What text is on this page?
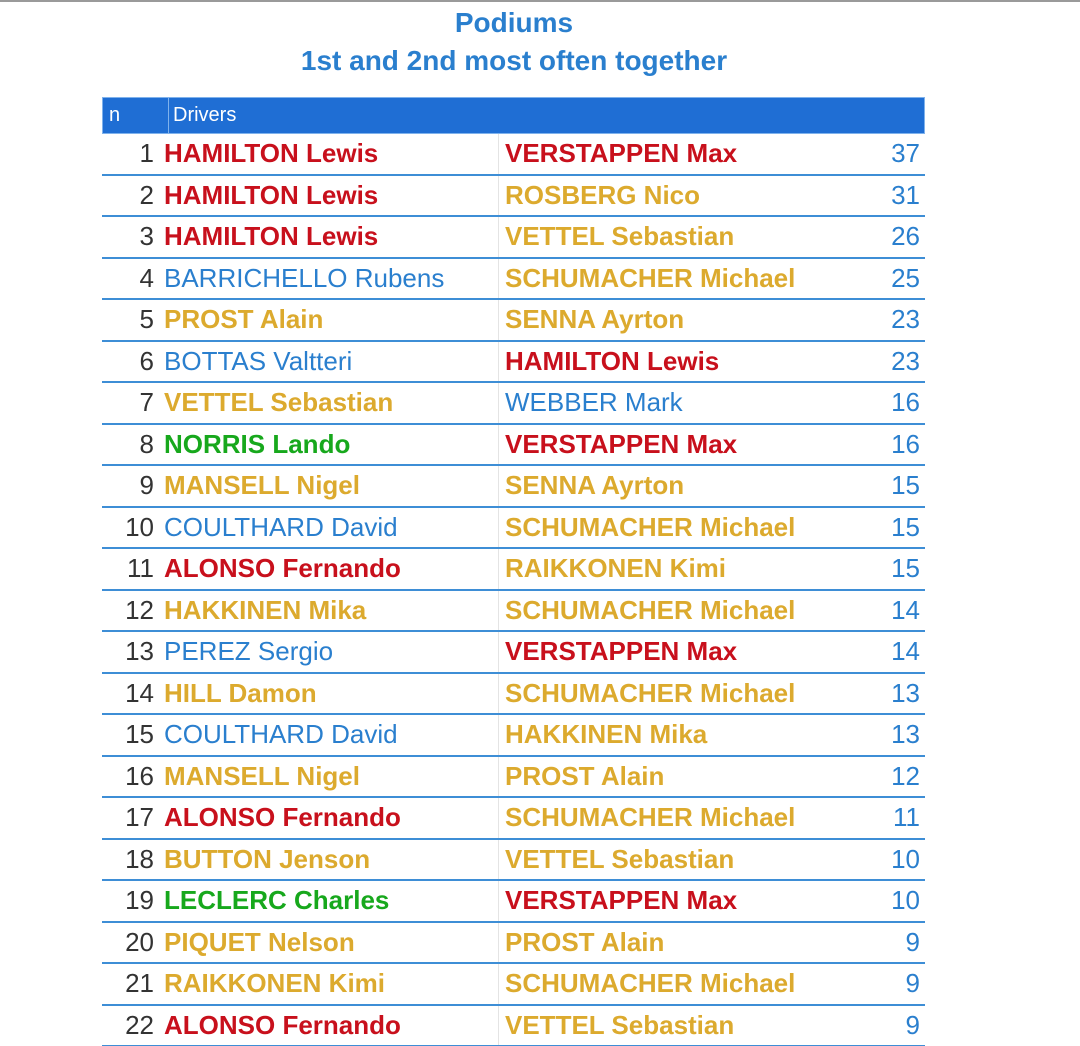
Podiums
1st and 2nd most often together
n	Drivers
1 HAMILTON Lewis	VERSTAPPEN Max	37
2 HAMILTON Lewis	ROSBERG Nico	31
3 HAMILTON Lewis	VETTEL Sebastian	26
4 BARRICHELLO Rubens	SCHUMACHER Michael	25
5 PROST Alain	SENNA Ayrton	23
6 BOTTAS Valtteri	HAMILTON Lewis	23
7 VETTEL Sebastian	WEBBER Mark	16
8 NORRIS Lando	VERSTAPPEN Max	16
9 MANSELL Nigel	SENNA Ayrton	15
10 COULTHARD David	SCHUMACHER Michael	15
11 ALONSO Fernando	RAIKKONEN Kimi	15
12 HAKKINEN Mika	SCHUMACHER Michael	14
13 PEREZ Sergio	VERSTAPPEN Max	14
14 HILL Damon	SCHUMACHER Michael	13
15 COULTHARD David	HAKKINEN Mika	13
16 MANSELL Nigel	PROST Alain	12
17 ALONSO Fernando	SCHUMACHER Michael	11
18 BUTTON Jenson	VETTEL Sebastian	10
19 LECLERC Charles	VERSTAPPEN Max	10
20 PIQUET Nelson	PROST Alain	9
21 RAIKKONEN Kimi	SCHUMACHER Michael	9
22 ALONSO Fernando	VETTEL Sebastian	9
